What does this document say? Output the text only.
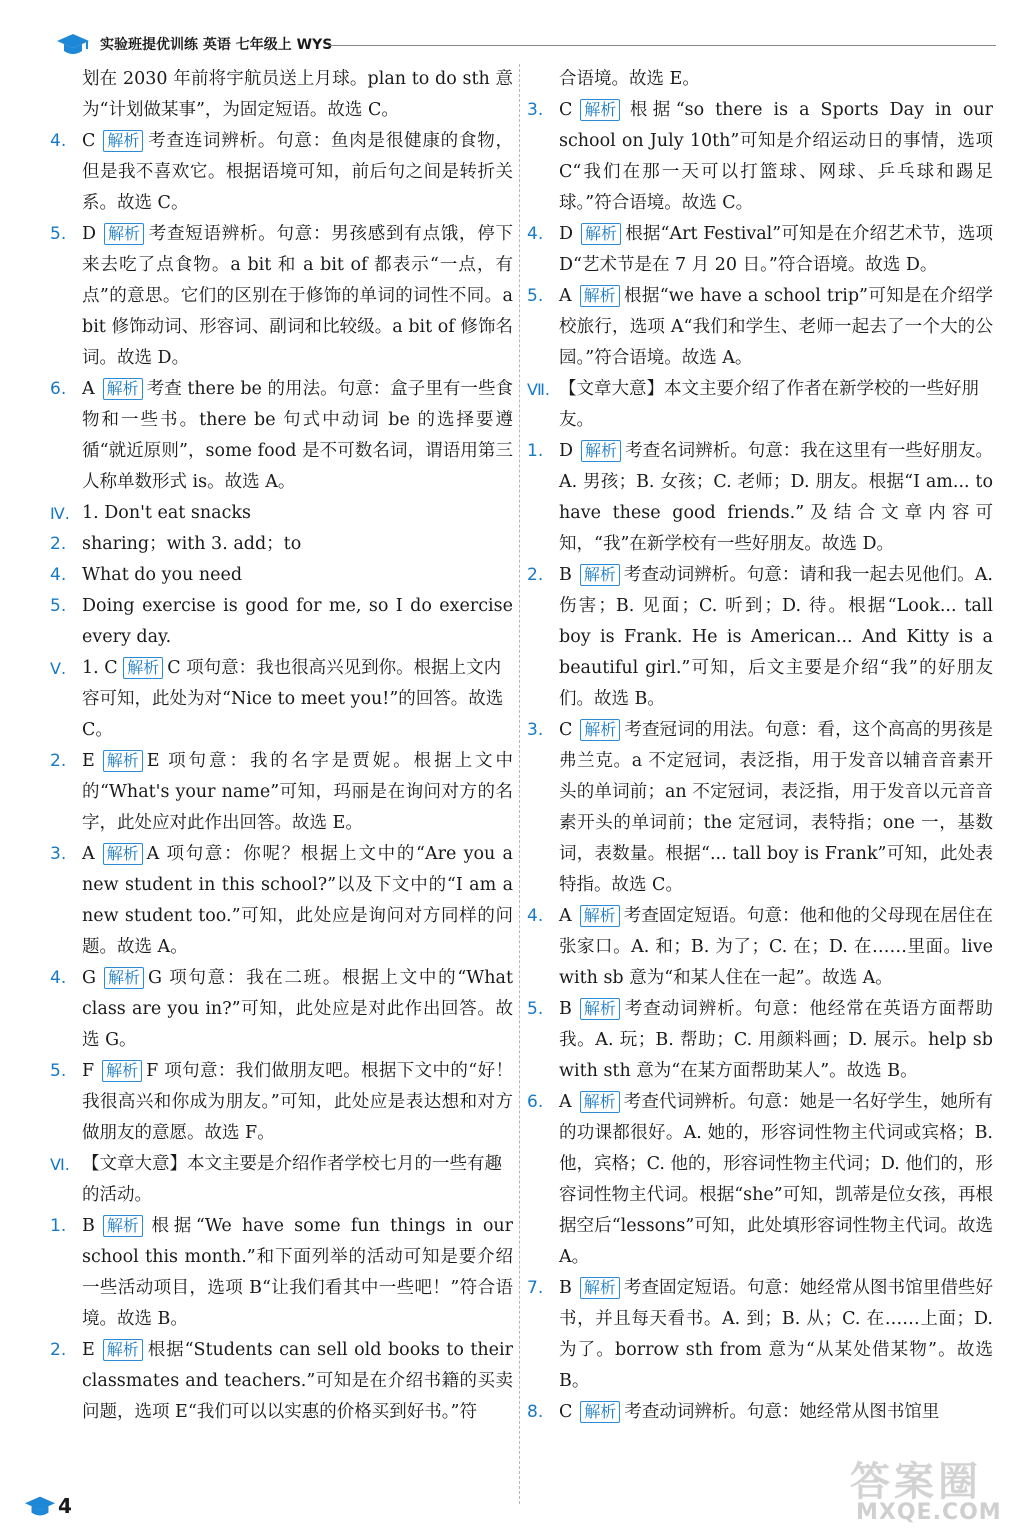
实验班提优训练 英语 七年级上 WYS
划在 2030 年前将宇航员送上月球。plan to do sth 意为“计划做某事”，为固定短语。故选 C。
4. C 解析 考查连词辨析。句意：鱼肉是很健康的食物，但是我不喜欢它。根据语境可知，前后句之间是转折关系。故选 C。
5. D 解析 考查短语辨析。句意：男孩感到有点饿，停下来去吃了点食物。a bit 和 a bit of 都表示“一点，有点”的意思。它们的区别在于修饰的单词的词性不同。a bit 修饰动词、形容词、副词和比较级。a bit of 修饰名词。故选 D。
6. A 解析 考查 there be 的用法。句意：盒子里有一些食物和一些书。there be 句式中动词 be 的选择要遵循“就近原则”，some food 是不可数名词，谓语用第三人称单数形式 is。故选 A。
Ⅳ. 1. Don't eat snacks
2. sharing；with 3. add；to
4. What do you need
5. Doing exercise is good for me, so I do exercise every day.
Ⅴ. 1. C 解析 C 项句意：我也很高兴见到你。根据上文内容可知，此处为对“Nice to meet you!”的回答。故选 C。
2. E 解析 E 项句意：我的名字是贾妮。根据上文中的“What's your name”可知，玛丽是在询问对方的名字，此处应对此作出回答。故选 E。
3. A 解析 A 项句意：你呢？根据上文中的“Are you a new student in this school?”以及下文中的“I am a new student too.”可知，此处应是询问对方同样的问题。故选 A。
4. G 解析 G 项句意：我在二班。根据上文中的“What class are you in?”可知，此处应是对此作出回答。故选 G。
5. F 解析 F 项句意：我们做朋友吧。根据下文中的“好！我很高兴和你成为朋友。”可知，此处应是表达想和对方做朋友的意愿。故选 F。
Ⅵ. 【文章大意】本文主要是介绍作者学校七月的一些有趣的活动。
1. B 解析 根据“We have some fun things in our school this month.”和下面列举的活动可知是要介绍一些活动项目，选项 B“让我们看其中一些吧！”符合语境。故选 B。
2. E 解析 根据“Students can sell old books to their classmates and teachers.”可知是在介绍书籍的买卖问题，选项 E“我们可以以实惠的价格买到好书。”符
合语境。故选 E。
3. C 解析 根据“so there is a Sports Day in our school on July 10th”可知是介绍运动日的事情，选项 C“我们在那一天可以打篮球、网球、乒乓球和踢足球。”符合语境。故选 C。
4. D 解析 根据“Art Festival”可知是在介绍艺术节，选项 D“艺术节是在 7 月 20 日。”符合语境。故选 D。
5. A 解析 根据“we have a school trip”可知是在介绍学校旅行，选项 A“我们和学生、老师一起去了一个大的公园。”符合语境。故选 A。
Ⅶ. 【文章大意】本文主要介绍了作者在新学校的一些好朋友。
1. D 解析 考查名词辨析。句意：我在这里有一些好朋友。A. 男孩；B. 女孩；C. 老师；D. 朋友。根据“I am... to have these good friends.”及结合文章内容可知，“我”在新学校有一些好朋友。故选 D。
2. B 解析 考查动词辨析。句意：请和我一起去见他们。A. 伤害；B. 见面；C. 听到；D. 待。根据“Look... tall boy is Frank. He is American... And Kitty is a beautiful girl.”可知，后文主要是介绍“我”的好朋友们。故选 B。
3. C 解析 考查冠词的用法。句意：看，这个高高的男孩是弗兰克。a 不定冠词，表泛指，用于发音以辅音音素开头的单词前；an 不定冠词，表泛指，用于发音以元音音素开头的单词前；the 定冠词，表特指；one 一，基数词，表数量。根据“... tall boy is Frank”可知，此处表特指。故选 C。
4. A 解析 考查固定短语。句意：他和他的父母现在居住在张家口。A. 和；B. 为了；C. 在；D. 在……里面。live with sb 意为“和某人住在一起”。故选 A。
5. B 解析 考查动词辨析。句意：他经常在英语方面帮助我。A. 玩；B. 帮助；C. 用颜料画；D. 展示。help sb with sth 意为“在某方面帮助某人”。故选 B。
6. A 解析 考查代词辨析。句意：她是一名好学生，她所有的功课都很好。A. 她的，形容词性物主代词或宾格；B. 他，宾格；C. 他的，形容词性物主代词；D. 他们的，形容词性物主代词。根据“she”可知，凯蒂是位女孩，再根据空后“lessons”可知，此处填形容词性物主代词。故选 A。
7. B 解析 考查固定短语。句意：她经常从图书馆里借些好书，并且每天看书。A. 到；B. 从；C. 在……上面；D. 为了。borrow sth from 意为“从某处借某物”。故选 B。
8. C 解析 考查动词辨析。句意：她经常从图书馆里
4
答案圈
MXQE.COM
